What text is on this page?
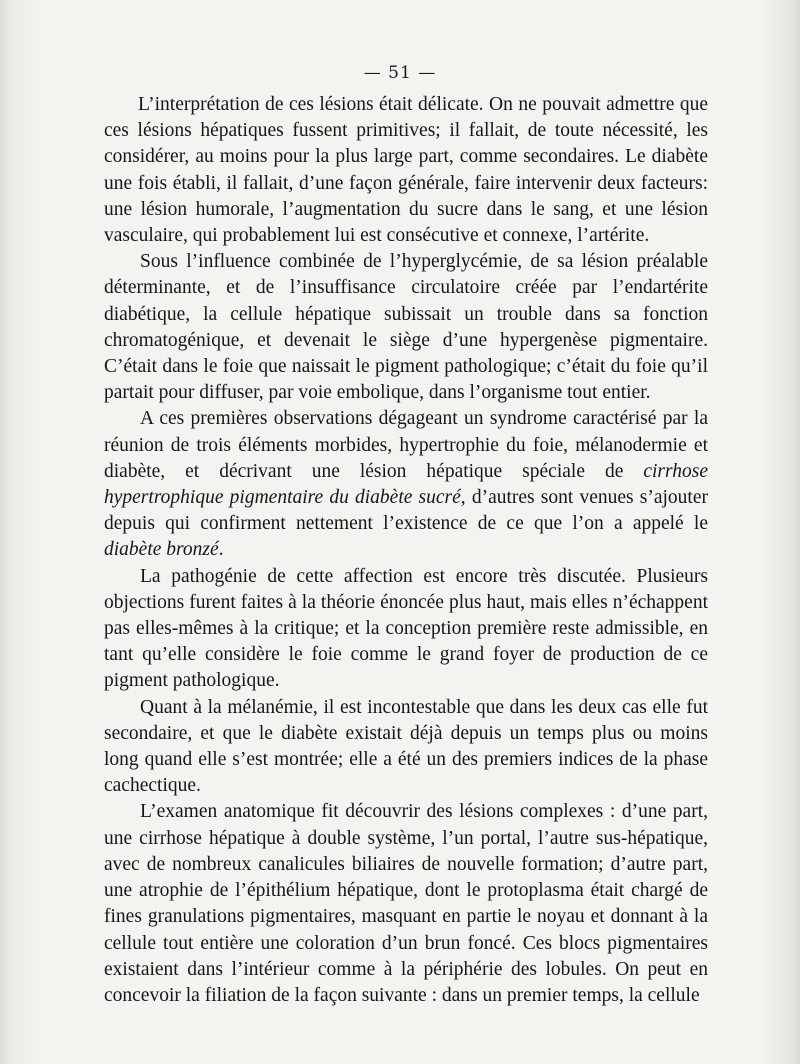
— 51 —

L’interprétation de ces lésions était délicate. On ne pouvait admettre que ces lésions hépatiques fussent primitives; il fallait, de toute nécessité, les considérer, au moins pour la plus large part, comme secondaires. Le diabète une fois établi, il fallait, d’une façon générale, faire intervenir deux facteurs: une lésion humorale, l’augmentation du sucre dans le sang, et une lésion vasculaire, qui probablement lui est consécutive et connexe, l’artérite.

Sous l’influence combinée de l’hyperglycémie, de sa lésion préalable déterminante, et de l’insuffisance circulatoire créée par l’endartérite diabétique, la cellule hépatique subissait un trouble dans sa fonction chromatogénique, et devenait le siège d’une hypergenèse pigmentaire. C’était dans le foie que naissait le pigment pathologique; c’était du foie qu’il partait pour diffuser, par voie embolique, dans l’organisme tout entier.

A ces premières observations dégageant un syndrome caractérisé par la réunion de trois éléments morbides, hypertrophie du foie, mélanodermie et diabète, et décrivant une lésion hépatique spéciale de cirrhose hypertrophique pigmentaire du diabète sucré, d’autres sont venues s’ajouter depuis qui confirment nettement l’existence de ce que l’on a appelé le diabète bronzé.

La pathogénie de cette affection est encore très discutée. Plusieurs objections furent faites à la théorie énoncée plus haut, mais elles n’échappent pas elles-mêmes à la critique; et la conception première reste admissible, en tant qu’elle considère le foie comme le grand foyer de production de ce pigment pathologique.

Quant à la mélanémie, il est incontestable que dans les deux cas elle fut secondaire, et que le diabète existait déjà depuis un temps plus ou moins long quand elle s’est montrée; elle a été un des premiers indices de la phase cachectique.

L’examen anatomique fit découvrir des lésions complexes : d’une part, une cirrhose hépatique à double système, l’un portal, l’autre sus-hépatique, avec de nombreux canalicules biliaires de nouvelle formation; d’autre part, une atrophie de l’épithélium hépatique, dont le protoplasma était chargé de fines granulations pigmentaires, masquant en partie le noyau et donnant à la cellule tout entière une coloration d’un brun foncé. Ces blocs pigmentaires existaient dans l’intérieur comme à la périphérie des lobules. On peut en concevoir la filiation de la façon suivante : dans un premier temps, la cellule
